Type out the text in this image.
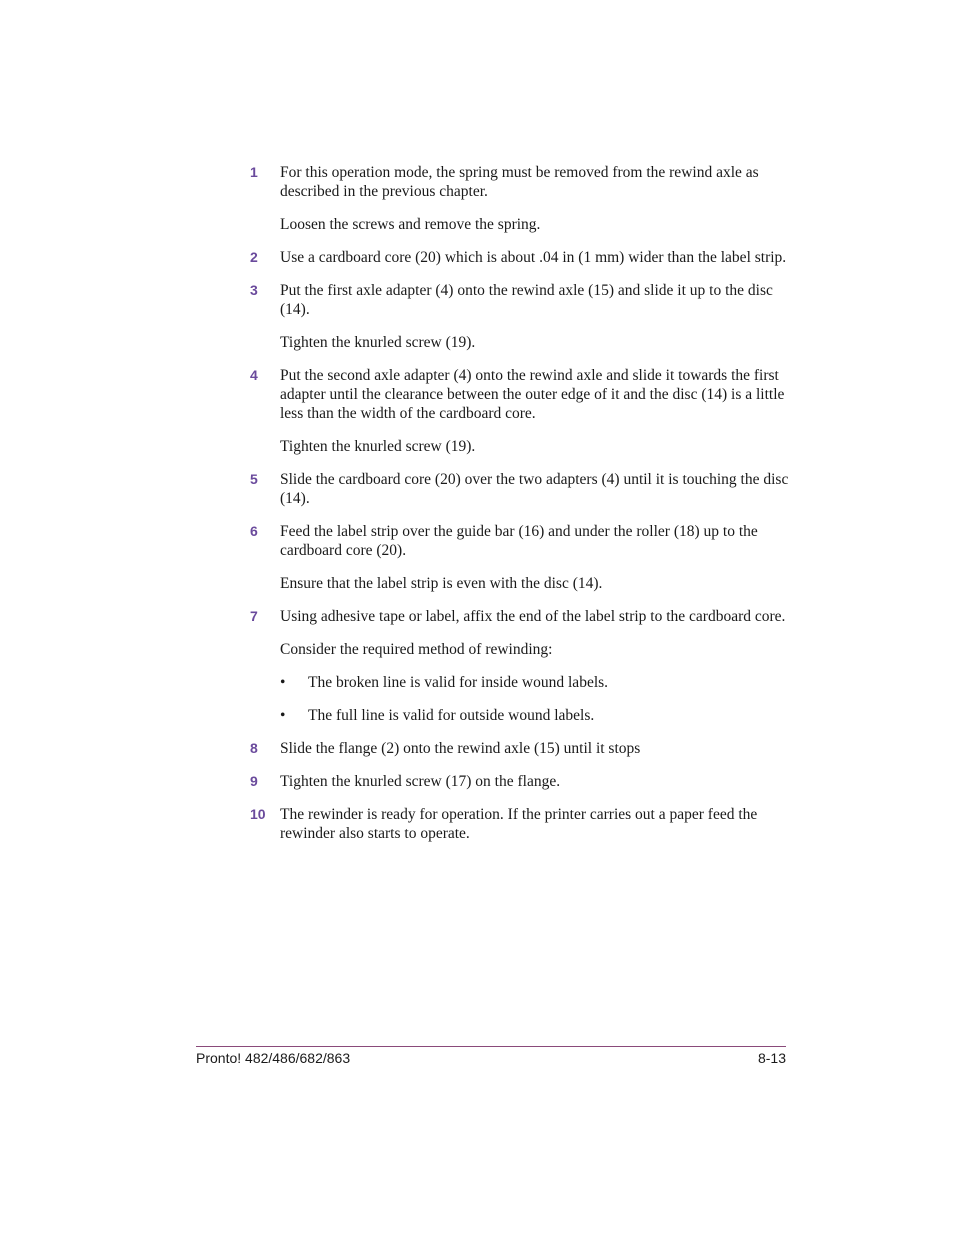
1	For this operation mode, the spring must be removed from the rewind axle as described in the previous chapter.
Loosen the screws and remove the spring.
2	Use a cardboard core (20) which is about .04 in (1 mm) wider than the label strip.
3	Put the first axle adapter (4) onto the rewind axle (15) and slide it up to the disc (14).
Tighten the knurled screw (19).
4	Put the second axle adapter (4) onto the rewind axle and slide it towards the first adapter until the clearance between the outer edge of it and the disc (14) is a little less than the width of the cardboard core.
Tighten the knurled screw (19).
5	Slide the cardboard core (20) over the two adapters (4) until it is touching the disc (14).
6	Feed the label strip over the guide bar (16) and under the roller (18) up to the cardboard core (20).
Ensure that the label strip is even with the disc (14).
7	Using adhesive tape or label, affix the end of the label strip to the cardboard core.
Consider the required method of rewinding:
•	The broken line is valid for inside wound labels.
•	The full line is valid for outside wound labels.
8	Slide the flange (2) onto the rewind axle (15) until it stops
9	Tighten the knurled screw (17) on the flange.
10 The rewinder is ready for operation. If the printer carries out a paper feed the rewinder also starts to operate.
Pronto! 482/486/682/863	8-13
